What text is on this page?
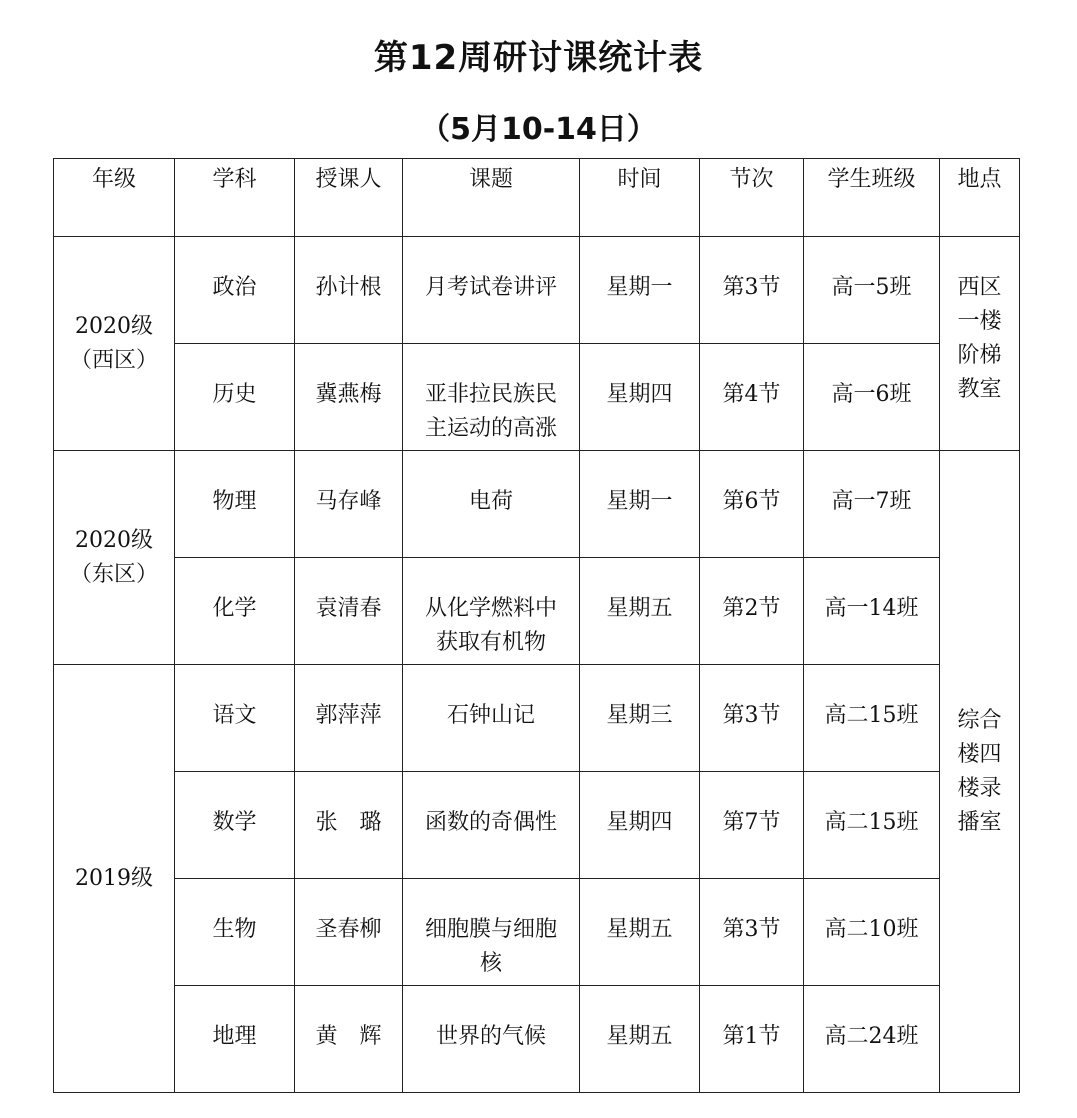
第12周研讨课统计表
（5月10-14日）
年级	学科	授课人	课题	时间	节次	学生班级	地点

2020级
（西区）	政治	孙计根	月考试卷讲评	星期一	第3节	高一5班	西区一楼阶梯教室

	历史	冀燕梅	亚非拉民族民主运动的高涨	星期四	第4节	高一6班	

2020级
（东区）	物理	马存峰	电荷	星期一	第6节	高一7班	综合楼四楼录播室

	化学	袁清春	从化学燃料中获取有机物	星期五	第2节	高一14班	

2019级	语文	郭萍萍	石钟山记	星期三	第3节	高二15班	

	数学	张　璐	函数的奇偶性	星期四	第7节	高二15班	

	生物	圣春柳	细胞膜与细胞核	星期五	第3节	高二10班	

	地理	黄　辉	世界的气候	星期五	第1节	高二24班	
